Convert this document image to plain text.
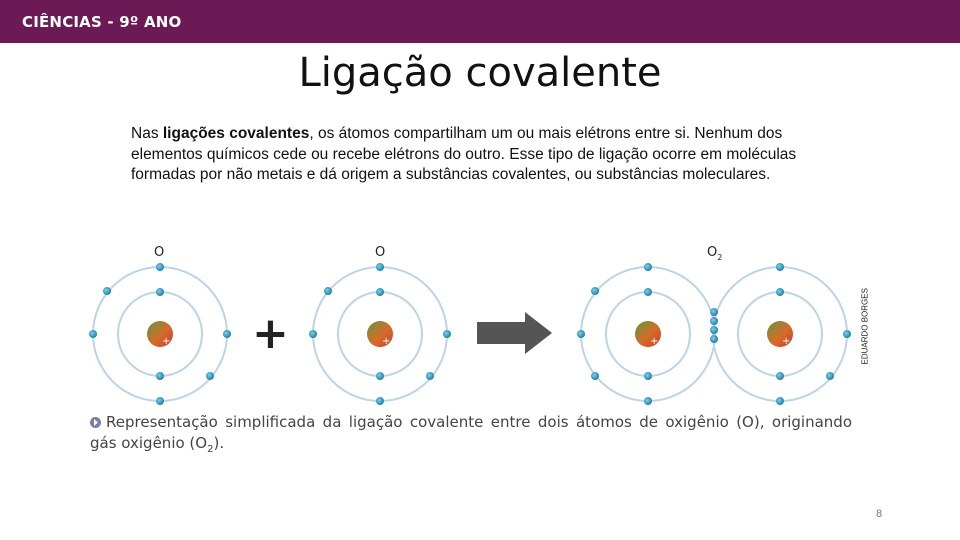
CIÊNCIAS - 9º ANO
Ligação covalente
Nas ligações covalentes, os átomos compartilham um ou mais elétrons entre si. Nenhum dos elementos químicos cede ou recebe elétrons do outro. Esse tipo de ligação ocorre em moléculas formadas por não metais e dá origem a substâncias covalentes, ou substâncias moleculares.
+
O
+	+
O
+	+
$O_2$
EDUARDO BORGES
Representação simplificada da ligação covalente entre dois átomos de oxigênio (O), originando gás oxigênio $(O_2)$.
8
